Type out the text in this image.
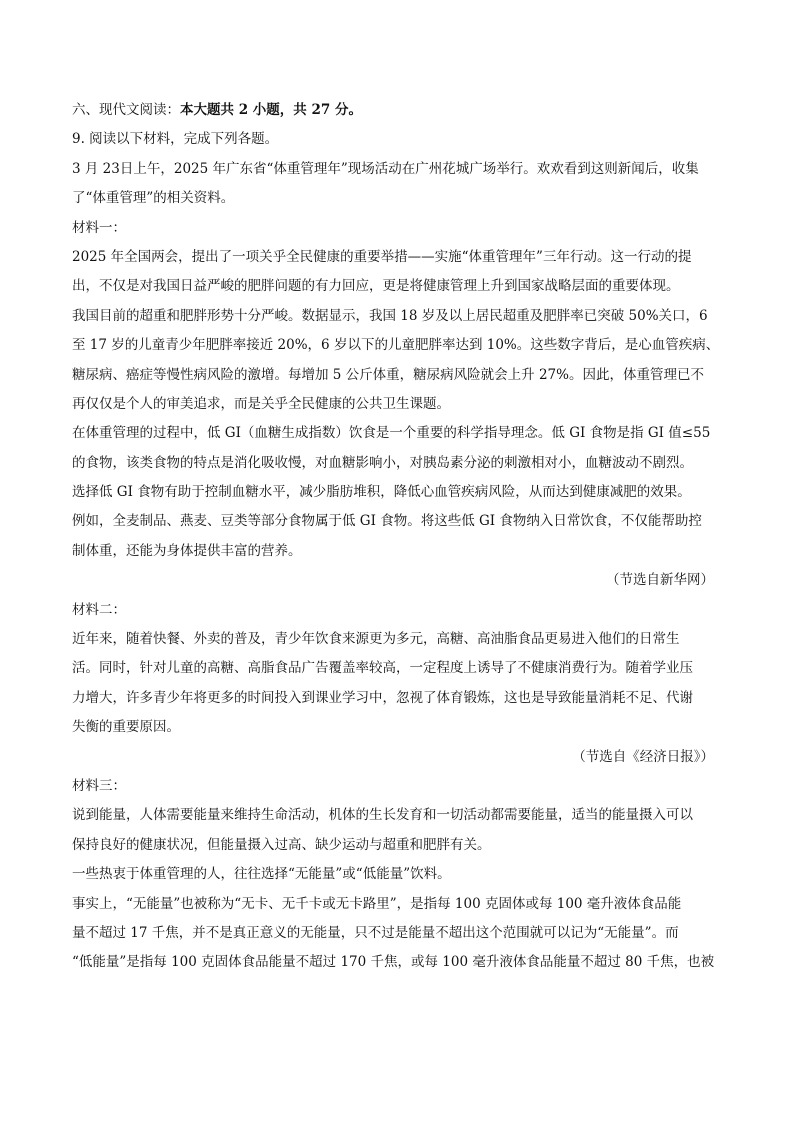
六、现代文阅读：本大题共 2 小题，共 27 分。

9. 阅读以下材料，完成下列各题。

3 月 23日上午，2025 年广东省“体重管理年”现场活动在广州花城广场举行。欢欢看到这则新闻后，收集

了“体重管理”的相关资料。

材料一：

2025 年全国两会，提出了一项关乎全民健康的重要举措——实施“体重管理年”三年行动。这一行动的提

出，不仅是对我国日益严峻的肥胖问题的有力回应，更是将健康管理上升到国家战略层面的重要体现。

我国目前的超重和肥胖形势十分严峻。数据显示，我国 18 岁及以上居民超重及肥胖率已突破 50%关口，6

至 17 岁的儿童青少年肥胖率接近 20%，6 岁以下的儿童肥胖率达到 10%。这些数字背后，是心血管疾病、

糖尿病、癌症等慢性病风险的激增。每增加 5 公斤体重，糖尿病风险就会上升 27%。因此，体重管理已不

再仅仅是个人的审美追求，而是关乎全民健康的公共卫生课题。

在体重管理的过程中，低 GI（血糖生成指数）饮食是一个重要的科学指导理念。低 GI 食物是指 GI 值≤55

的食物，该类食物的特点是消化吸收慢，对血糖影响小，对胰岛素分泌的刺激相对小，血糖波动不剧烈。

选择低 GI 食物有助于控制血糖水平，减少脂肪堆积，降低心血管疾病风险，从而达到健康减肥的效果。

例如，全麦制品、燕麦、豆类等部分食物属于低 GI 食物。将这些低 GI 食物纳入日常饮食，不仅能帮助控

制体重，还能为身体提供丰富的营养。

（节选自新华网）

材料二：

近年来，随着快餐、外卖的普及，青少年饮食来源更为多元，高糖、高油脂食品更易进入他们的日常生

活。同时，针对儿童的高糖、高脂食品广告覆盖率较高，一定程度上诱导了不健康消费行为。随着学业压

力增大，许多青少年将更多的时间投入到课业学习中，忽视了体育锻炼，这也是导致能量消耗不足、代谢

失衡的重要原因。

（节选自《经济日报》）

材料三：

说到能量，人体需要能量来维持生命活动，机体的生长发育和一切活动都需要能量，适当的能量摄入可以

保持良好的健康状况，但能量摄入过高、缺少运动与超重和肥胖有关。

一些热衷于体重管理的人，往往选择“无能量”或“低能量”饮料。

事实上，“无能量”也被称为“无卡、无千卡或无卡路里”，是指每 100 克固体或每 100 毫升液体食品能

量不超过 17 千焦，并不是真正意义的无能量，只不过是能量不超出这个范围就可以记为“无能量”。而

“低能量”是指每 100 克固体食品能量不超过 170 千焦，或每 100 毫升液体食品能量不超过 80 千焦，也被
